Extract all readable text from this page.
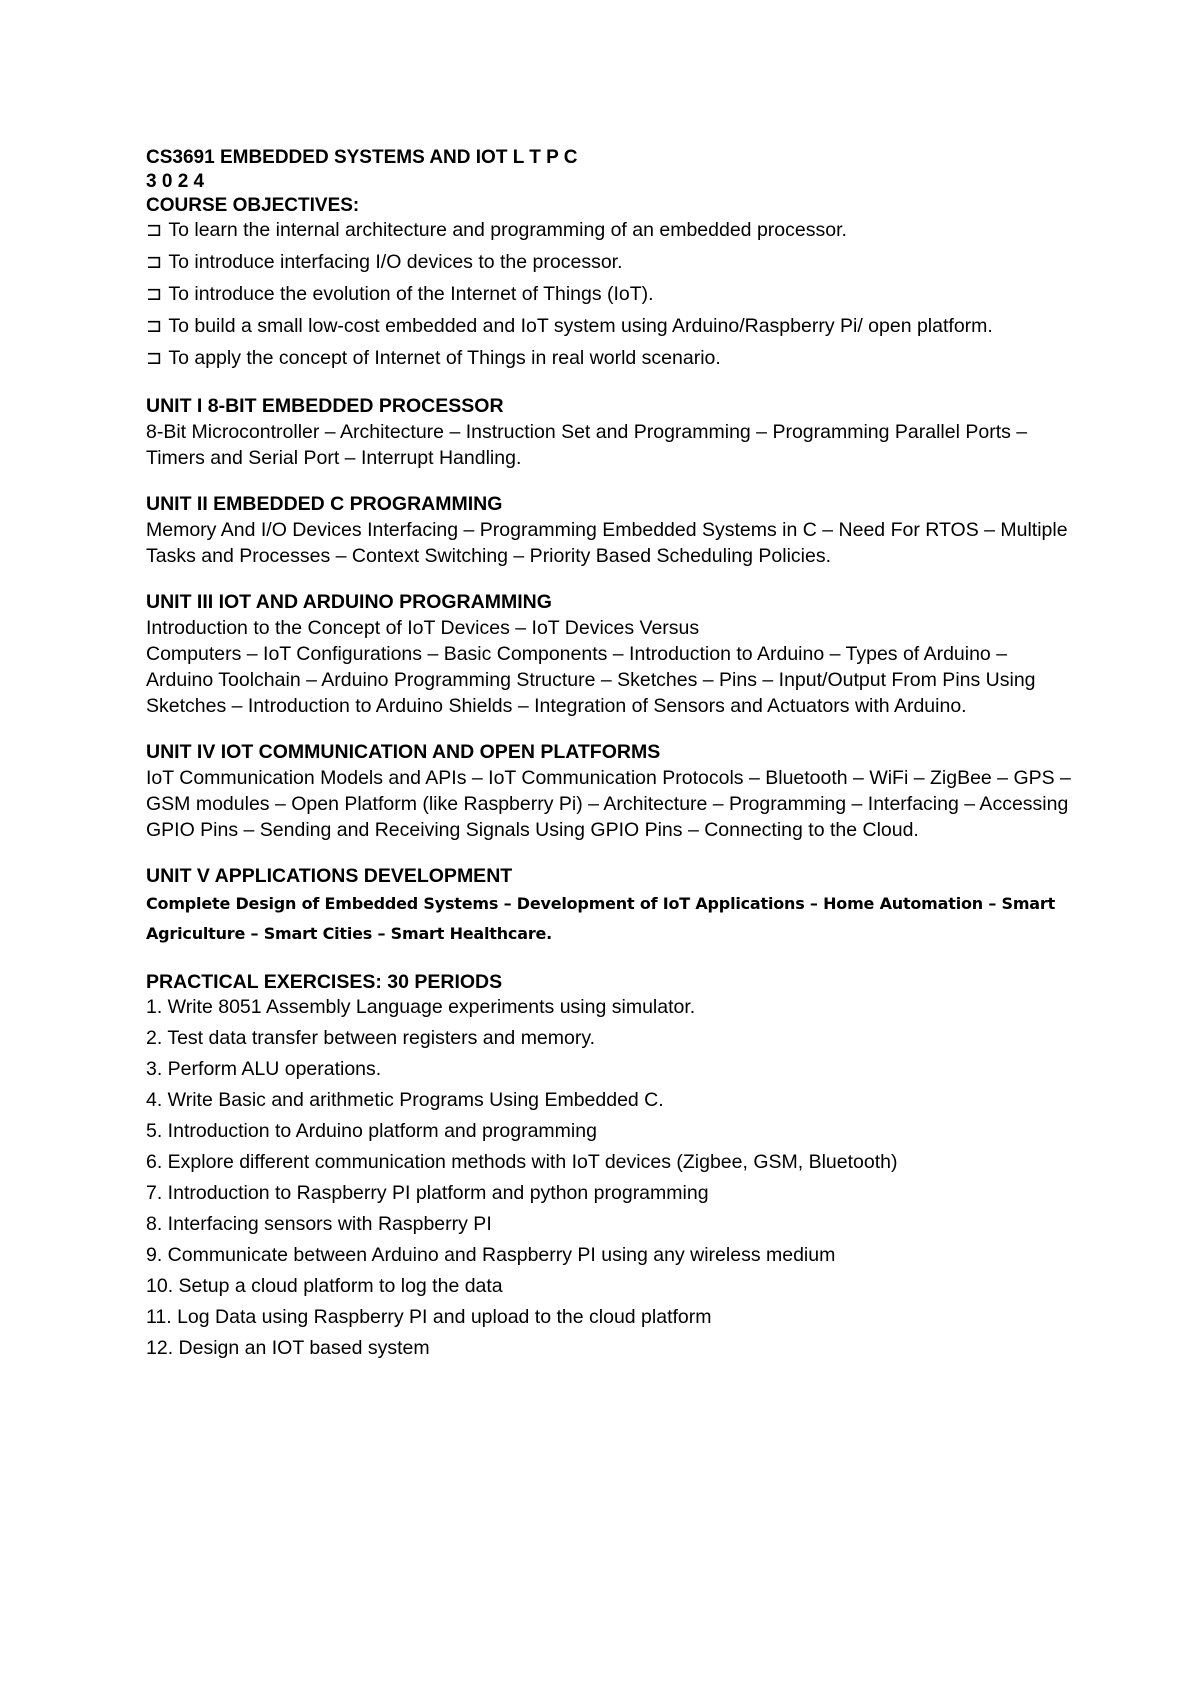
CS3691 EMBEDDED SYSTEMS AND IOT L T P C

3 0 2 4

COURSE OBJECTIVES:

⊐ To learn the internal architecture and programming of an embedded processor.

⊐ To introduce interfacing I/O devices to the processor.

⊐ To introduce the evolution of the Internet of Things (IoT).

⊐ To build a small low-cost embedded and IoT system using Arduino/Raspberry Pi/ open platform.

⊐ To apply the concept of Internet of Things in real world scenario.

UNIT I 8-BIT EMBEDDED PROCESSOR

8-Bit Microcontroller – Architecture – Instruction Set and Programming – Programming Parallel Ports – Timers and Serial Port – Interrupt Handling.

UNIT II EMBEDDED C PROGRAMMING

Memory And I/O Devices Interfacing – Programming Embedded Systems in C – Need For RTOS – Multiple Tasks and Processes – Context Switching – Priority Based Scheduling Policies.

UNIT III IOT AND ARDUINO PROGRAMMING

Introduction to the Concept of IoT Devices – IoT Devices Versus

Computers – IoT Configurations – Basic Components – Introduction to Arduino – Types of Arduino – Arduino Toolchain – Arduino Programming Structure – Sketches – Pins – Input/Output From Pins Using Sketches – Introduction to Arduino Shields – Integration of Sensors and Actuators with Arduino.

UNIT IV IOT COMMUNICATION AND OPEN PLATFORMS

IoT Communication Models and APIs – IoT Communication Protocols – Bluetooth – WiFi – ZigBee – GPS – GSM modules – Open Platform (like Raspberry Pi) – Architecture – Programming – Interfacing – Accessing GPIO Pins – Sending and Receiving Signals Using GPIO Pins – Connecting to the Cloud.

UNIT V APPLICATIONS DEVELOPMENT

Complete Design of Embedded Systems – Development of IoT Applications – Home Automation – Smart Agriculture – Smart Cities – Smart Healthcare.

PRACTICAL EXERCISES: 30 PERIODS

1. Write 8051 Assembly Language experiments using simulator.

2. Test data transfer between registers and memory.

3. Perform ALU operations.

4. Write Basic and arithmetic Programs Using Embedded C.

5. Introduction to Arduino platform and programming

6. Explore different communication methods with IoT devices (Zigbee, GSM, Bluetooth)

7. Introduction to Raspberry PI platform and python programming

8. Interfacing sensors with Raspberry PI

9. Communicate between Arduino and Raspberry PI using any wireless medium

10. Setup a cloud platform to log the data

11. Log Data using Raspberry PI and upload to the cloud platform

12. Design an IOT based system
